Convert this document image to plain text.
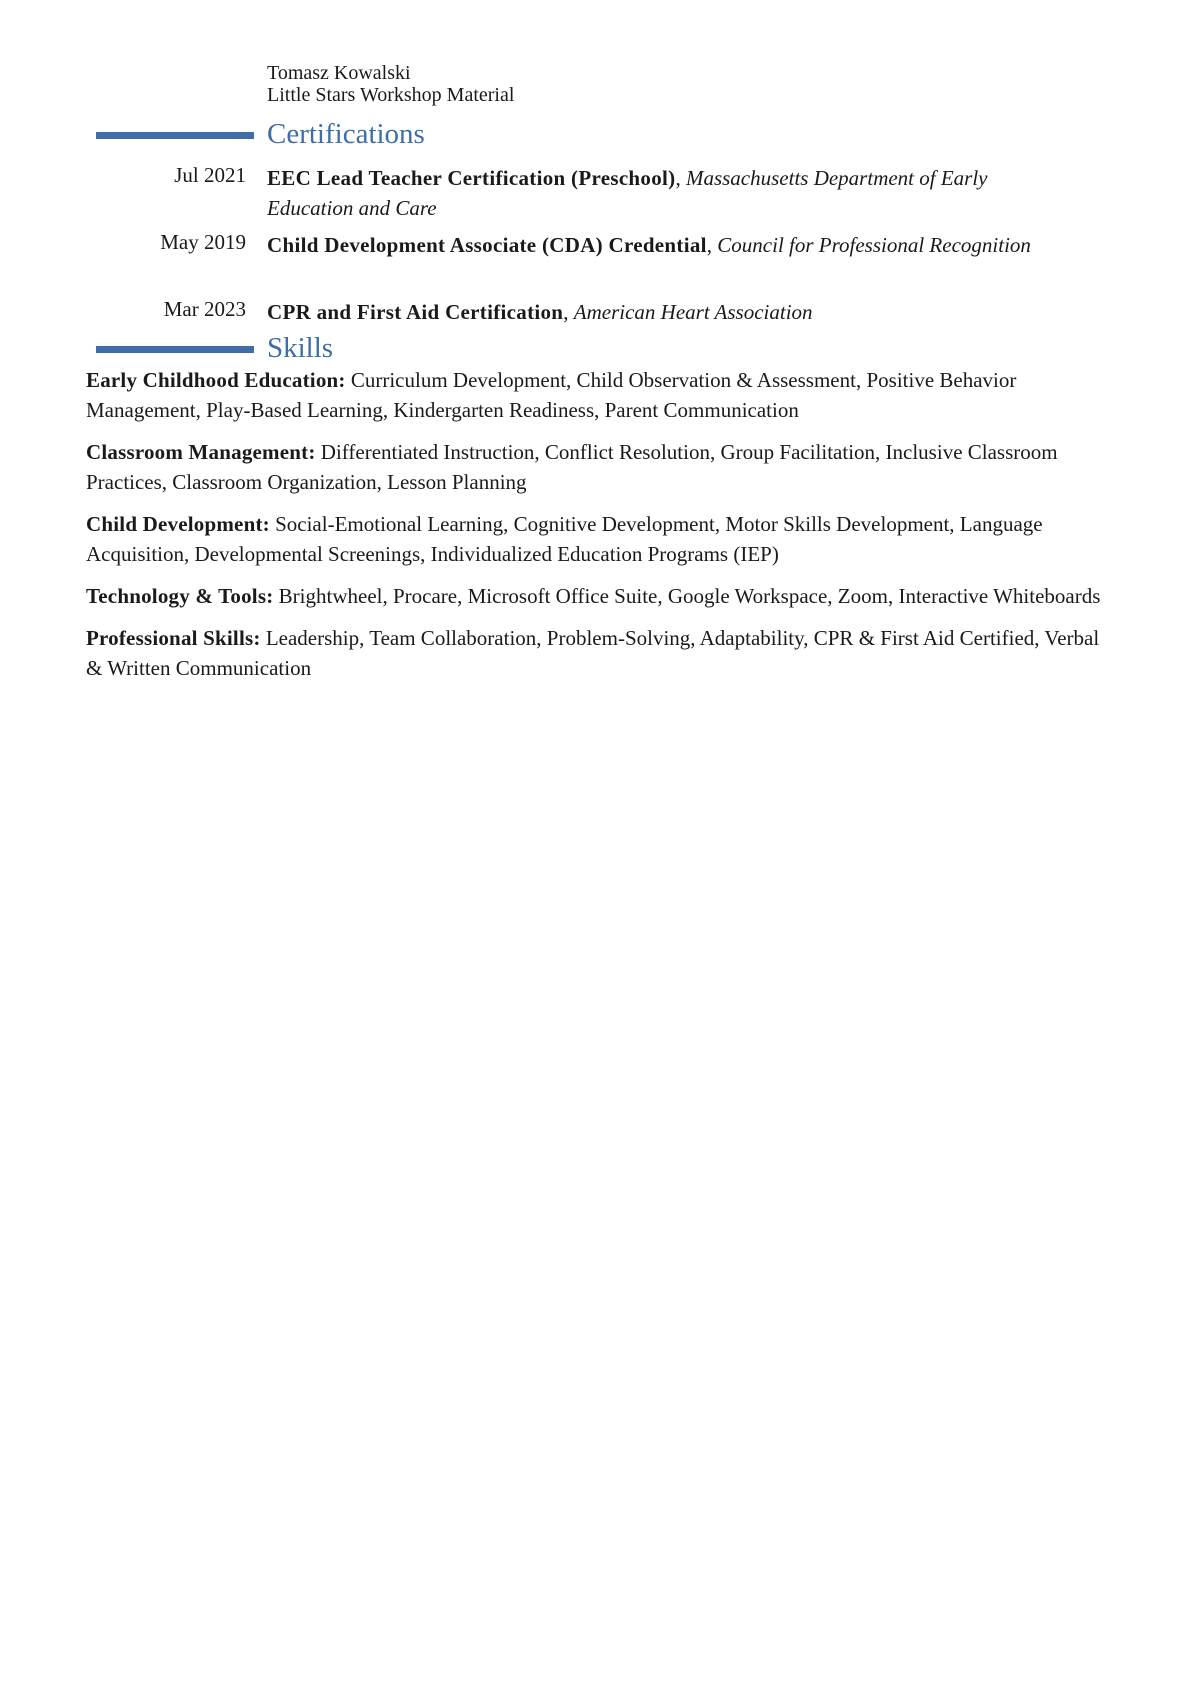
Tomasz Kowalski
Little Stars Workshop Material
Certifications
Jul 2021 EEC Lead Teacher Certification (Preschool), Massachusetts Department of Early Education and Care
May 2019 Child Development Associate (CDA) Credential, Council for Professional Recognition
Mar 2023 CPR and First Aid Certification, American Heart Association
Skills

Early Childhood Education: Curriculum Development, Child Observation & Assessment, Positive Behavior Management, Play-Based Learning, Kindergarten Readiness, Parent Communication

Classroom Management: Differentiated Instruction, Conflict Resolution, Group Facilitation, Inclusive Classroom Practices, Classroom Organization, Lesson Planning

Child Development: Social-Emotional Learning, Cognitive Development, Motor Skills Development, Language Acquisition, Developmental Screenings, Individualized Education Programs (IEP)

Technology & Tools: Brightwheel, Procare, Microsoft Office Suite, Google Workspace, Zoom, Interactive Whiteboards

Professional Skills: Leadership, Team Collaboration, Problem-Solving, Adaptability, CPR & First Aid Certified, Verbal & Written Communication
